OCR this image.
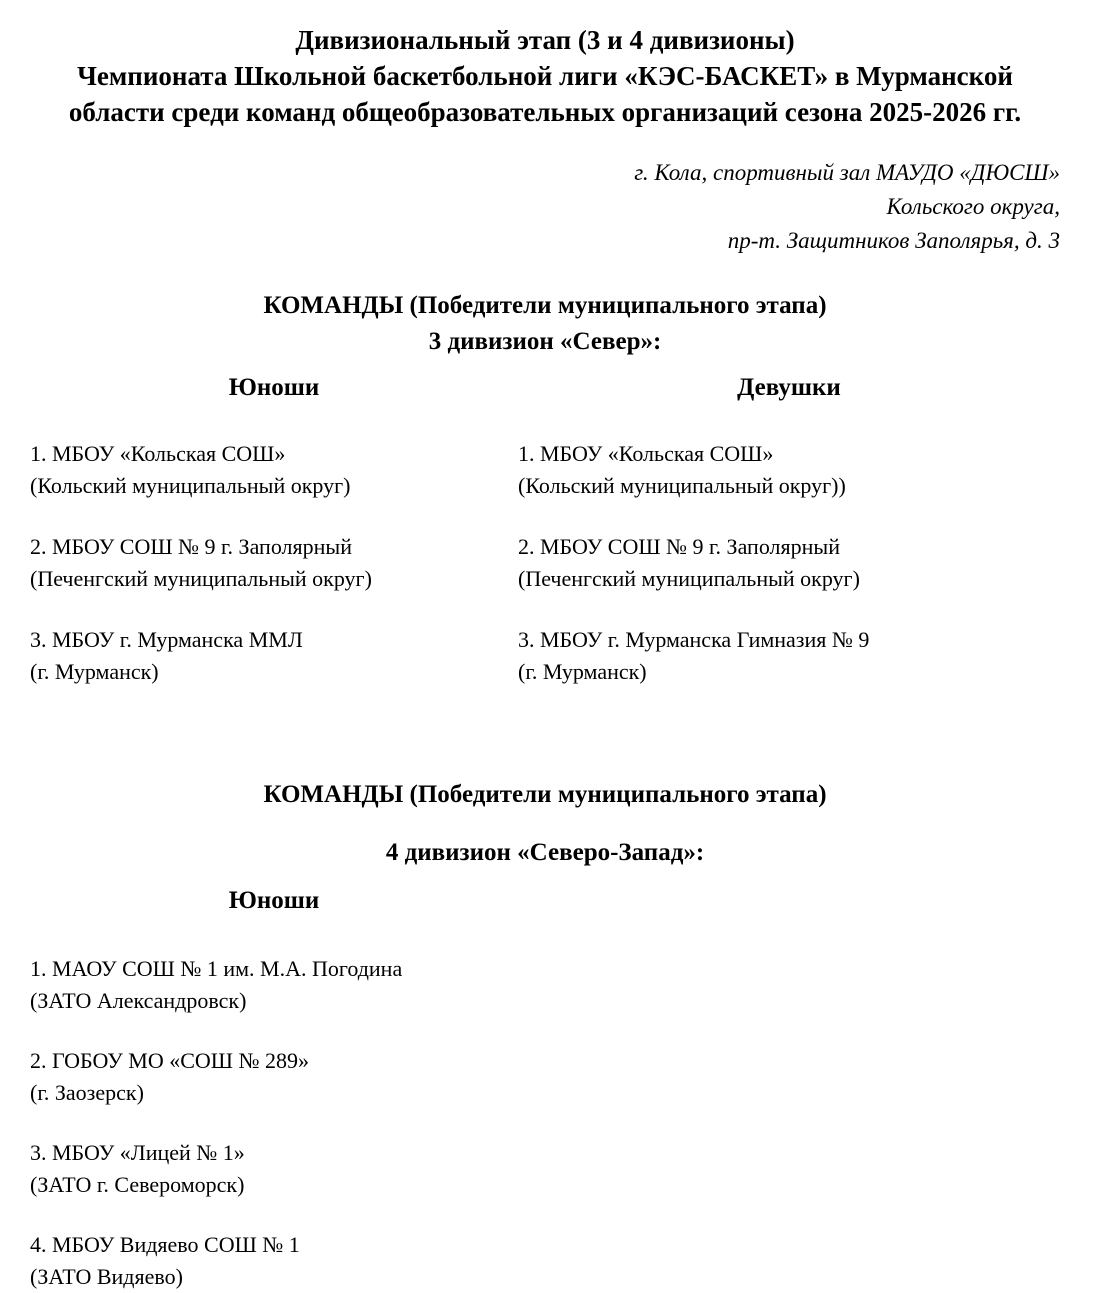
Дивизиональный этап (3 и 4 дивизионы)
Чемпионата Школьной баскетбольной лиги «КЭС-БАСКЕТ» в Мурманской
области среди команд общеобразовательных организаций сезона 2025-2026 гг.
г. Кола, спортивный зал МАУДО «ДЮСШ»
Кольского округа,
пр-т. Защитников Заполярья, д. 3
КОМАНДЫ (Победители муниципального этапа)
3 дивизион «Север»:
Юноши	Девушки
1. МБОУ «Кольская СОШ»
(Кольский муниципальный округ)
2. МБОУ СОШ № 9 г. Заполярный
(Печенгский муниципальный округ)
3. МБОУ г. Мурманска ММЛ
(г. Мурманск)
1. МБОУ «Кольская СОШ»
(Кольский муниципальный округ))
2. МБОУ СОШ № 9 г. Заполярный
(Печенгский муниципальный округ)
3. МБОУ г. Мурманска Гимназия № 9
(г. Мурманск)
КОМАНДЫ (Победители муниципального этапа)
4 дивизион «Северо-Запад»:
Юноши
1. МАОУ СОШ № 1 им. М.А. Погодина
(ЗАТО Александровск)
2. ГОБОУ МО «СОШ № 289»
(г. Заозерск)
3. МБОУ «Лицей № 1»
(ЗАТО г. Североморск)
4. МБОУ Видяево СОШ № 1
(ЗАТО Видяево)
